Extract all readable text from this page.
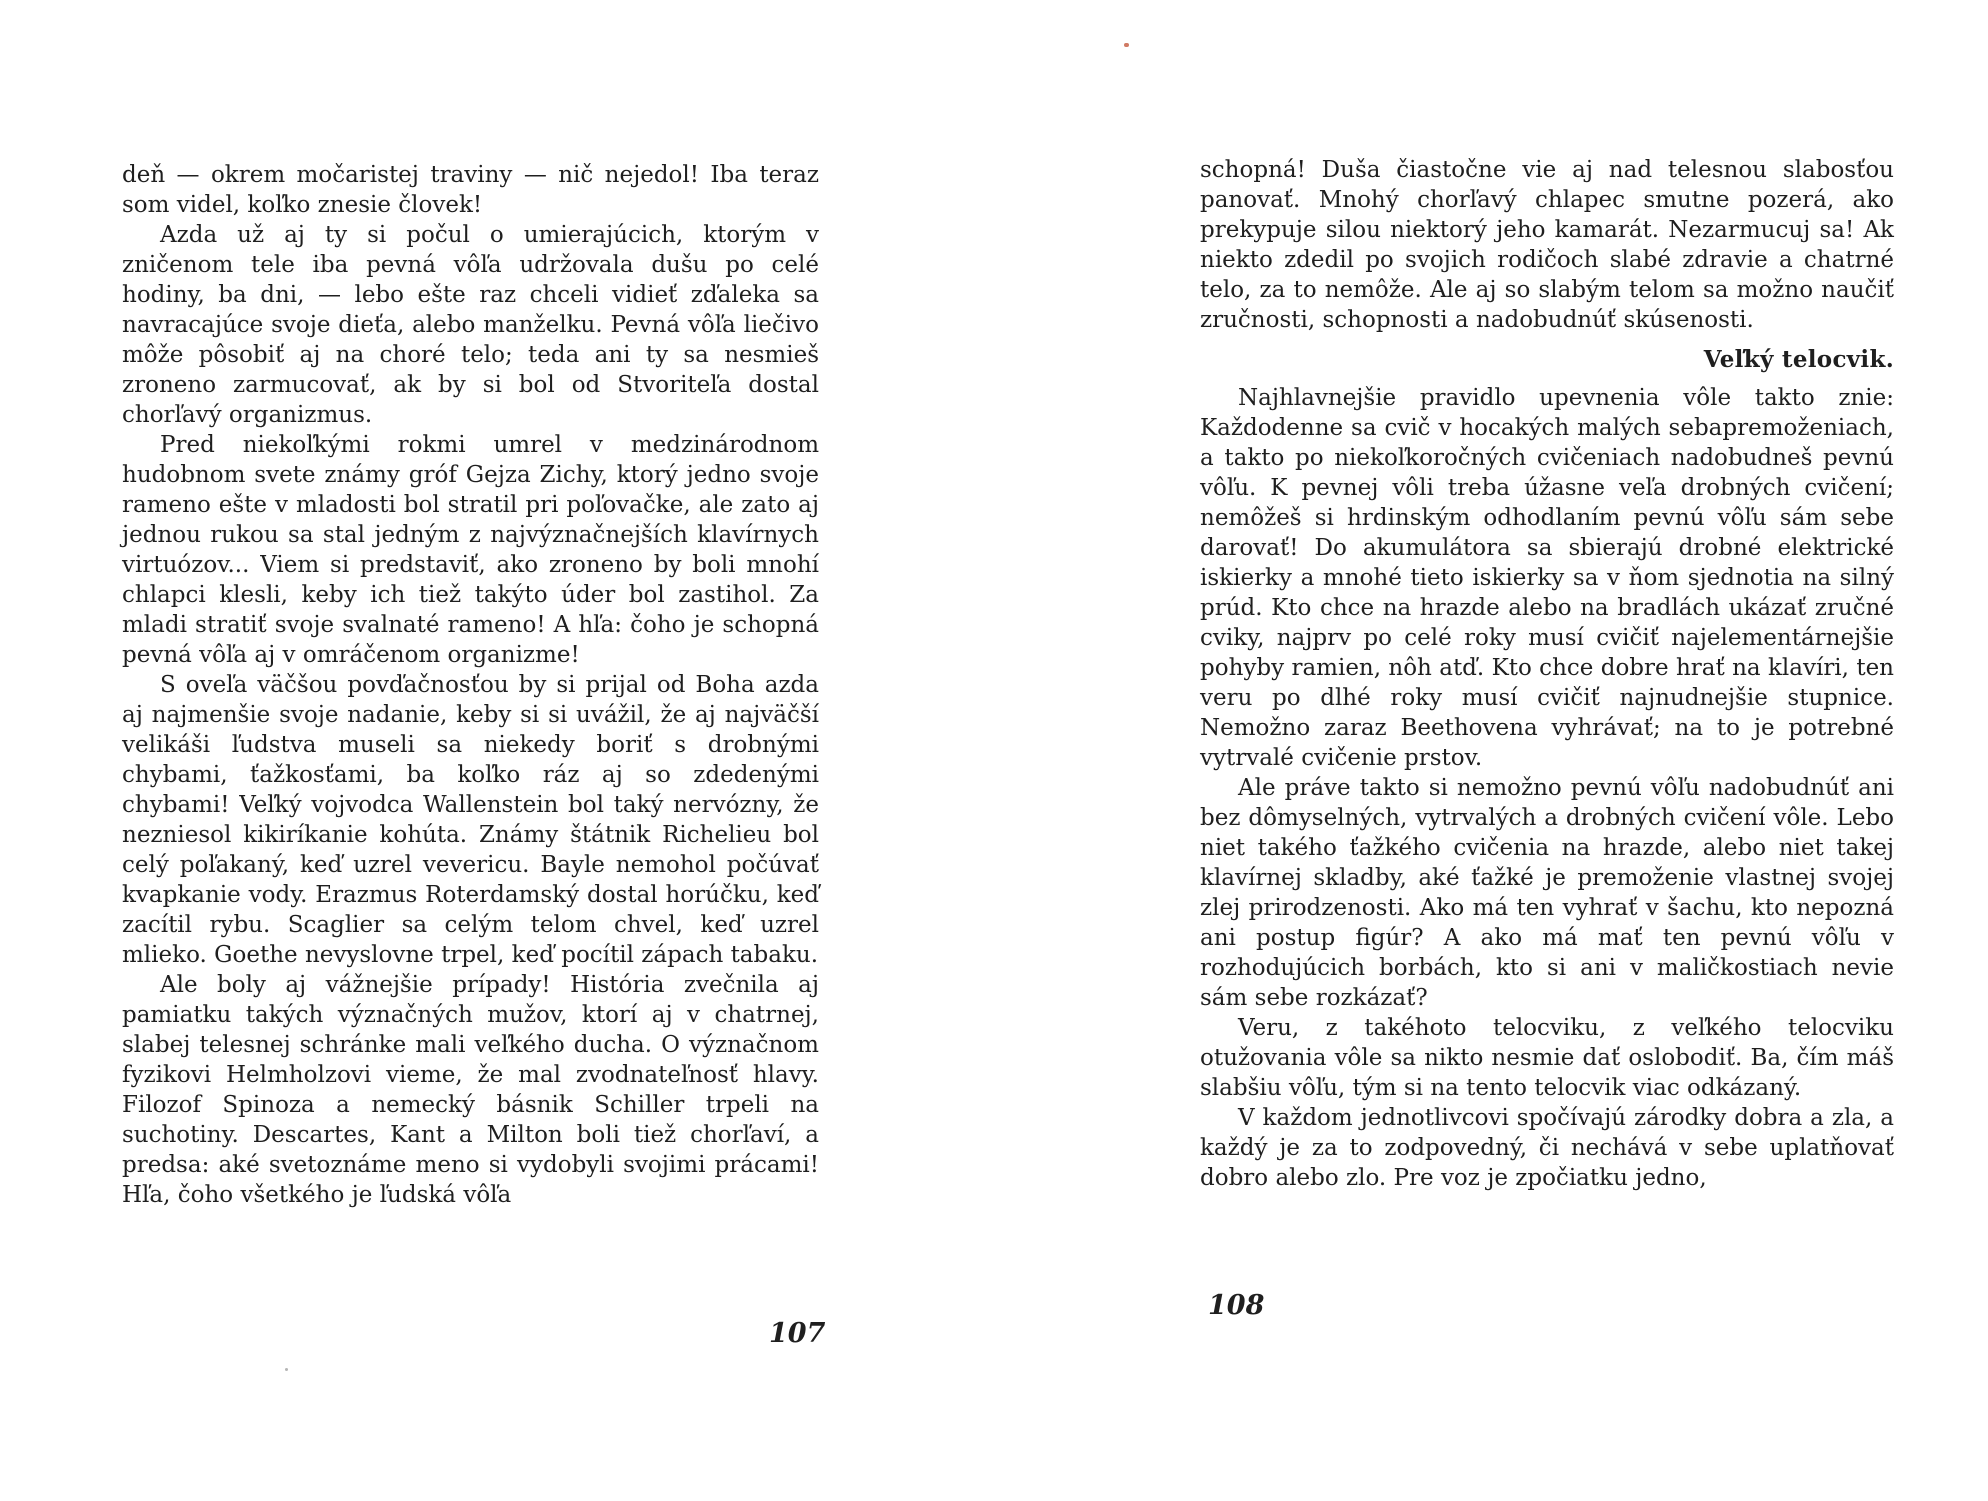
deň — okrem močaristej traviny — nič nejedol! Iba teraz som videl, koľko znesie človek!

Azda už aj ty si počul o umierajúcich, ktorým v zničenom tele iba pevná vôľa udržovala dušu po celé hodiny, ba dni, — lebo ešte raz chceli vidieť zďaleka sa navracajúce svoje dieťa, alebo manželku. Pevná vôľa liečivo môže pôsobiť aj na choré telo; teda ani ty sa nesmieš zroneno zarmucovať, ak by si bol od Stvoriteľa dostal chorľavý organizmus.

Pred niekoľkými rokmi umrel v medzinárodnom hudobnom svete známy gróf Gejza Zichy, ktorý jedno svoje rameno ešte v mladosti bol stratil pri poľovačke, ale zato aj jednou rukou sa stal jedným z najvýznačnejších klavírnych virtuózov... Viem si predstaviť, ako zroneno by boli mnohí chlapci klesli, keby ich tiež takýto úder bol zastihol. Za mladi stratiť svoje svalnaté rameno! A hľa: čoho je schopná pevná vôľa aj v omráčenom organizme!

S oveľa väčšou povďačnosťou by si prijal od Boha azda aj najmenšie svoje nadanie, keby si si uvážil, že aj najväčší velikáši ľudstva museli sa niekedy boriť s drobnými chybami, ťažkosťami, ba koľko ráz aj so zdedenými chybami! Veľký vojvodca Wallenstein bol taký nervózny, že nezniesol kikiríkanie kohúta. Známy štátnik Richelieu bol celý poľakaný, keď uzrel vevericu. Bayle nemohol počúvať kvapkanie vody. Erazmus Roterdamský dostal horúčku, keď zacítil rybu. Scaglier sa celým telom chvel, keď uzrel mlieko. Goethe nevyslovne trpel, keď pocítil zápach tabaku.

Ale boly aj vážnejšie prípady! História zvečnila aj pamiatku takých význačných mužov, ktorí aj v chatrnej, slabej telesnej schránke mali veľkého ducha. O význačnom fyzikovi Helmholzovi vieme, že mal zvodnateľnosť hlavy. Filozof Spinoza a nemecký básnik Schiller trpeli na suchotiny. Descartes, Kant a Milton boli tiež chorľaví, a predsa: aké svetoznáme meno si vydobyli svojimi prácami! Hľa, čoho všetkého je ľudská vôľa

107

schopná! Duša čiastočne vie aj nad telesnou slabosťou panovať. Mnohý chorľavý chlapec smutne pozerá, ako prekypuje silou niektorý jeho kamarát. Nezarmucuj sa! Ak niekto zdedil po svojich rodičoch slabé zdravie a chatrné telo, za to nemôže. Ale aj so slabým telom sa možno naučiť zručnosti, schopnosti a nadobudnúť skúsenosti.

Veľký telocvik.

Najhlavnejšie pravidlo upevnenia vôle takto znie: Každodenne sa cvič v hocakých malých sebapremoženiach, a takto po niekoľkoročných cvičeniach nadobudneš pevnú vôľu. K pevnej vôli treba úžasne veľa drobných cvičení; nemôžeš si hrdinským odhodlaním pevnú vôľu sám sebe darovať! Do akumulátora sa sbierajú drobné elektrické iskierky a mnohé tieto iskierky sa v ňom sjednotia na silný prúd. Kto chce na hrazde alebo na bradlách ukázať zručné cviky, najprv po celé roky musí cvičiť najelementárnejšie pohyby ramien, nôh atď. Kto chce dobre hrať na klavíri, ten veru po dlhé roky musí cvičiť najnudnejšie stupnice. Nemožno zaraz Beethovena vyhrávať; na to je potrebné vytrvalé cvičenie prstov.

Ale práve takto si nemožno pevnú vôľu nadobudnúť ani bez dômyselných, vytrvalých a drobných cvičení vôle. Lebo niet takého ťažkého cvičenia na hrazde, alebo niet takej klavírnej skladby, aké ťažké je premoženie vlastnej svojej zlej prirodzenosti. Ako má ten vyhrať v šachu, kto nepozná ani postup figúr? A ako má mať ten pevnú vôľu v rozhodujúcich borbách, kto si ani v maličkostiach nevie sám sebe rozkázať?

Veru, z takéhoto telocviku, z veľkého telocviku otužovania vôle sa nikto nesmie dať oslobodiť. Ba, čím máš slabšiu vôľu, tým si na tento telocvik viac odkázaný.

V každom jednotlivcovi spočívajú zárodky dobra a zla, a každý je za to zodpovedný, či nechává v sebe uplatňovať dobro alebo zlo. Pre voz je zpočiatku jedno,

108
